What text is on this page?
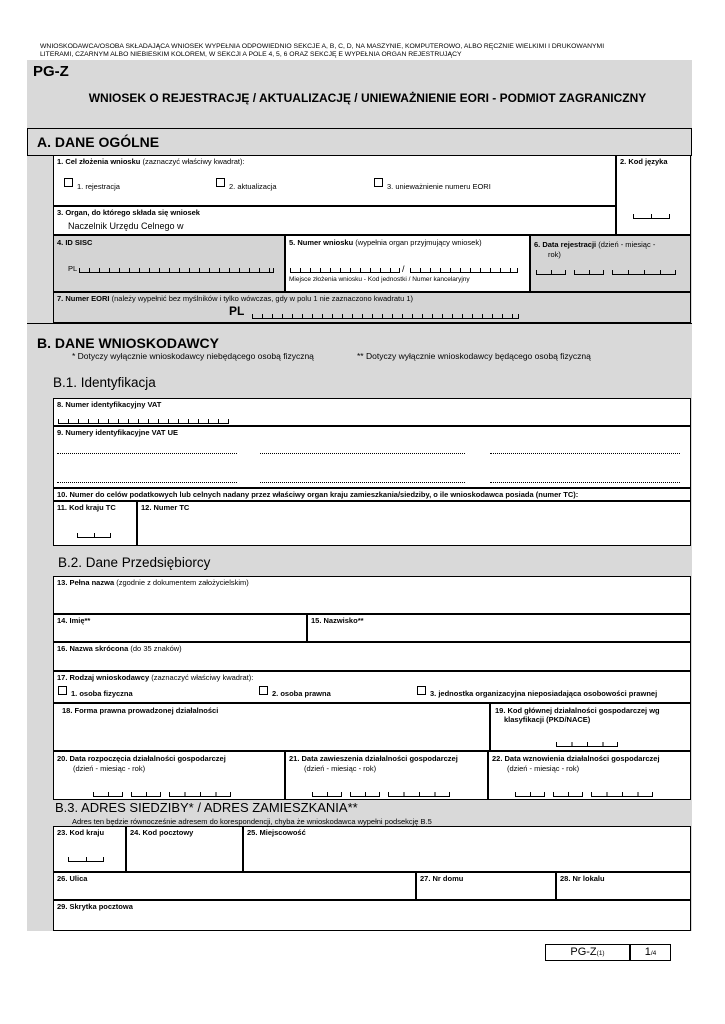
WNIOSKODAWCA/OSOBA SKŁADAJĄCA WNIOSEK WYPEŁNIA ODPOWIEDNIO SEKCJE A, B, C, D, NA MASZYNIE, KOMPUTEROWO, ALBO RĘCZNIE WIELKIMI I DRUKOWANYMI
LITERAMI, CZARNYM ALBO NIEBIESKIM KOLOREM, W SEKCJI A POLE 4, 5, 6 ORAZ SEKCJĘ E WYPEŁNIA ORGAN REJESTRUJĄCY
PG-Z
WNIOSEK O REJESTRACJĘ / AKTUALIZACJĘ / UNIEWAŻNIENIE EORI - PODMIOT ZAGRANICZNY
A. DANE OGÓLNE
1. Cel złożenia wniosku (zaznaczyć właściwy kwadrat):
1. rejestracja	2. aktualizacja	3. unieważnienie numeru EORI
2. Kod języka
3. Organ, do którego składa się wniosek
Naczelnik Urzędu Celnego w
4. ID SISC
PL
5. Numer wniosku (wypełnia organ przyjmujący wniosek)
/
Miejsce złożenia wniosku - Kod jednostki / Numer kancelaryjny
6. Data rejestracji (dzień - miesiąc -
rok)
7. Numer EORI (należy wypełnić bez myślników i tylko wówczas, gdy w polu 1 nie zaznaczono kwadratu 1)
PL
B. DANE WNIOSKODAWCY
* Dotyczy wyłącznie wnioskodawcy niebędącego osobą fizyczną	** Dotyczy wyłącznie wnioskodawcy będącego osobą fizyczną
B.1. Identyfikacja
8. Numer identyfikacyjny VAT
9. Numery identyfikacyjne VAT UE
10. Numer do celów podatkowych lub celnych nadany przez właściwy organ kraju zamieszkania/siedziby, o ile wnioskodawca posiada (numer TC):
11. Kod kraju TC	12. Numer TC
B.2. Dane Przedsiębiorcy
13. Pełna nazwa (zgodnie z dokumentem założycielskim)
14. Imię**	15. Nazwisko**
16. Nazwa skrócona (do 35 znaków)
17. Rodzaj wnioskodawcy (zaznaczyć właściwy kwadrat):
1. osoba fizyczna	2. osoba prawna	3. jednostka organizacyjna nieposiadająca osobowości prawnej
18. Forma prawna prowadzonej działalności	19. Kod głównej działalności gospodarczej wg
klasyfikacji (PKD/NACE)
20. Data rozpoczęcia działalności gospodarczej
(dzień - miesiąc - rok)
21. Data zawieszenia działalności gospodarczej
(dzień - miesiąc - rok)
22. Data wznowienia działalności gospodarczej
(dzień - miesiąc - rok)
B.3. ADRES SIEDZIBY* / ADRES ZAMIESZKANIA**
Adres ten będzie równocześnie adresem do korespondencji, chyba że wnioskodawca wypełni podsekcję B.5
23. Kod kraju	24. Kod pocztowy	25. Miejscowość
26. Ulica	27. Nr domu	28. Nr lokalu
29. Skrytka pocztowa
PG-Z(1)	1/4
